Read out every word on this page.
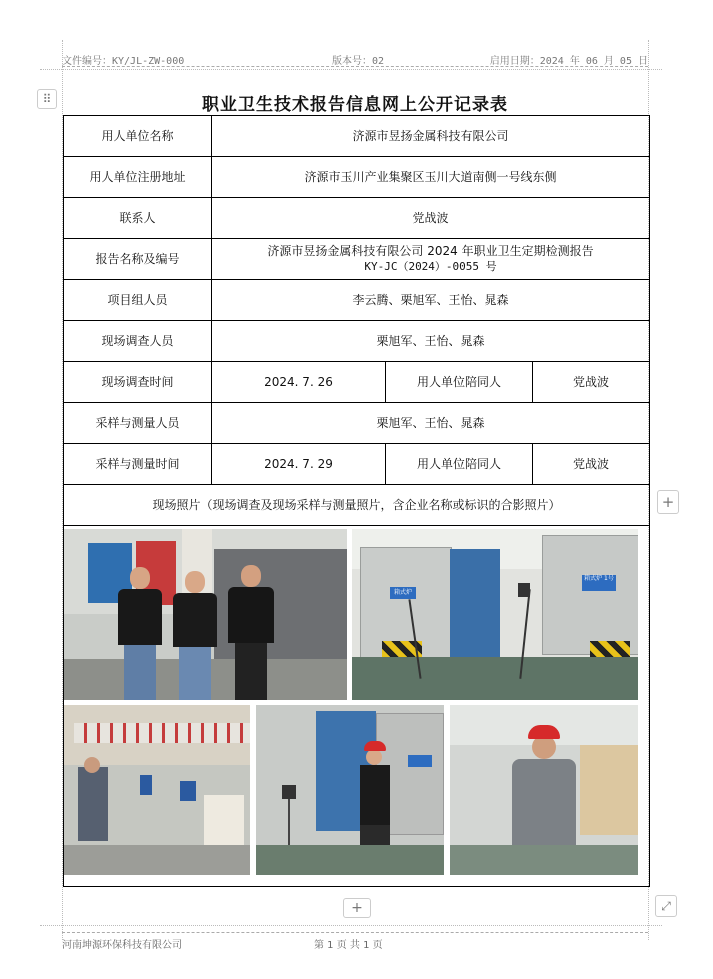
文件编号：KY/JL-ZW-000	版本号：02	启用日期：2024 年 06 月 05 日
⠿
+
+	⤢
职业卫生技术报告信息网上公开记录表
用人单位名称	济源市昱扬金属科技有限公司		
用人单位注册地址	济源市玉川产业集聚区玉川大道南侧一号线东侧		
联系人	党战波		
报告名称及编号	济源市昱扬金属科技有限公司 2024 年职业卫生定期检测报告
KY-JC（2024）-0055 号		

项目组人员	李云腾、栗旭军、王怡、晁森		
现场调查人员	栗旭军、王怡、晁森		
现场调查时间	2024. 7. 26	用人单位陪同人	党战波
采样与测量人员	栗旭军、王怡、晁森		
采样与测量时间	2024. 7. 29	用人单位陪同人	党战波
现场照片（现场调查及现场采样与测量照片，含企业名称或标识的合影照片）			

箱式炉
箱式炉 1号			
河南坤源环保科技有限公司	第 1 页 共 1 页
